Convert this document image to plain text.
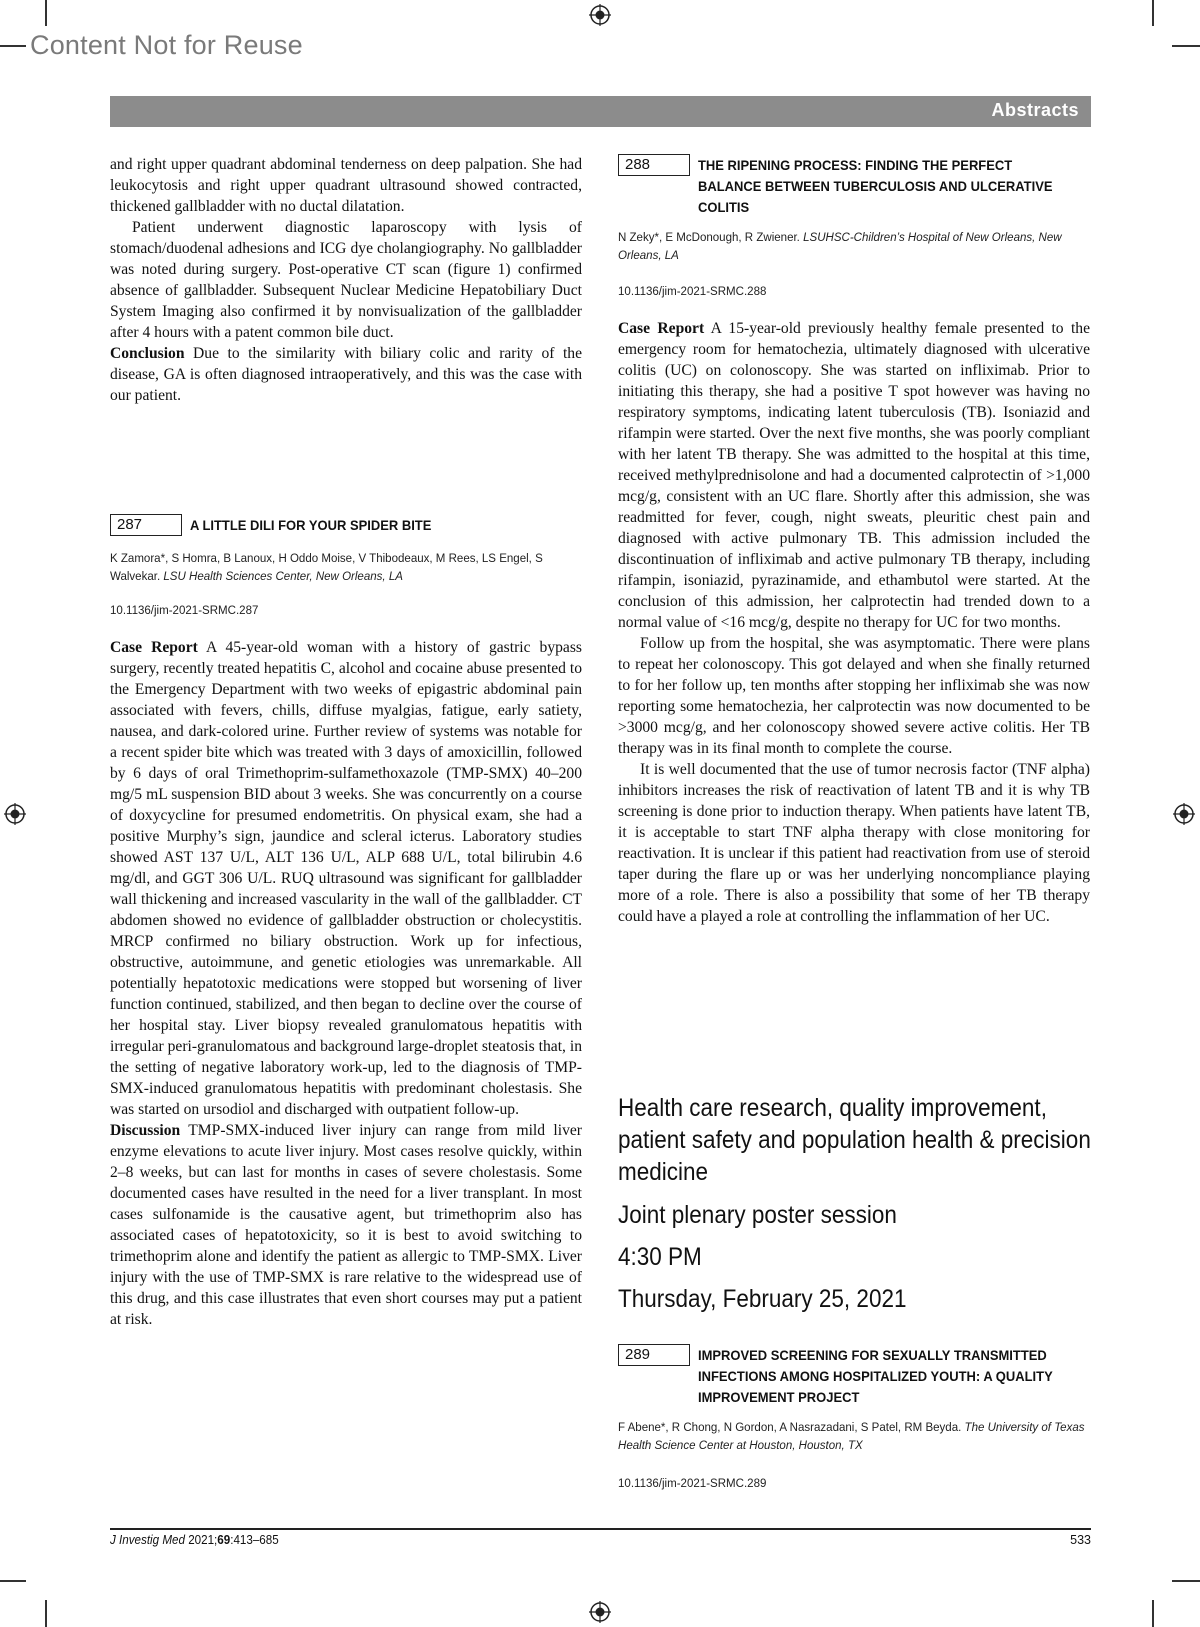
Content Not for Reuse
Abstracts

and right upper quadrant abdominal tenderness on deep palpation. She had leukocytosis and right upper quadrant ultrasound showed contracted, thickened gallbladder with no ductal dilatation.

Patient underwent diagnostic laparoscopy with lysis of stomach/duodenal adhesions and ICG dye cholangiography. No gallbladder was noted during surgery. Post-operative CT scan (figure 1) confirmed absence of gallbladder. Subsequent Nuclear Medicine Hepatobiliary Duct System Imaging also confirmed it by nonvisualization of the gallbladder after 4 hours with a patent common bile duct.

Conclusion Due to the similarity with biliary colic and rarity of the disease, GA is often diagnosed intraoperatively, and this was the case with our patient.

287	A LITTLE DILI FOR YOUR SPIDER BITE
K Zamora*, S Homra, B Lanoux, H Oddo Moise, V Thibodeaux, M Rees, LS Engel, S Walvekar. LSU Health Sciences Center, New Orleans, LA
10.1136/jim-2021-SRMC.287

Case Report A 45-year-old woman with a history of gastric bypass surgery, recently treated hepatitis C, alcohol and cocaine abuse presented to the Emergency Department with two weeks of epigastric abdominal pain associated with fevers, chills, diffuse myalgias, fatigue, early satiety, nausea, and dark-colored urine. Further review of systems was notable for a recent spider bite which was treated with 3 days of amoxicillin, followed by 6 days of oral Trimethoprim-sulfamethoxazole (TMP-SMX) 40–200 mg/5 mL suspension BID about 3 weeks. She was concurrently on a course of doxycycline for presumed endometritis. On physical exam, she had a positive Murphy’s sign, jaundice and scleral icterus. Laboratory studies showed AST 137 U/L, ALT 136 U/L, ALP 688 U/L, total bilirubin 4.6 mg/dl, and GGT 306 U/L. RUQ ultrasound was significant for gallbladder wall thickening and increased vascularity in the wall of the gallbladder. CT abdomen showed no evidence of gallbladder obstruction or cholecystitis. MRCP confirmed no biliary obstruction. Work up for infectious, obstructive, autoimmune, and genetic etiologies was unremarkable. All potentially hepatotoxic medications were stopped but worsening of liver function continued, stabilized, and then began to decline over the course of her hospital stay. Liver biopsy revealed granulomatous hepatitis with irregular peri-granulomatous and background large-droplet steatosis that, in the setting of negative laboratory work-up, led to the diagnosis of TMP-SMX-induced granulomatous hepatitis with predominant cholestasis. She was started on ursodiol and discharged with outpatient follow-up.

Discussion TMP-SMX-induced liver injury can range from mild liver enzyme elevations to acute liver injury. Most cases resolve quickly, within 2–8 weeks, but can last for months in cases of severe cholestasis. Some documented cases have resulted in the need for a liver transplant. In most cases sulfonamide is the causative agent, but trimethoprim also has associated cases of hepatotoxicity, so it is best to avoid switching to trimethoprim alone and identify the patient as allergic to TMP-SMX. Liver injury with the use of TMP-SMX is rare relative to the widespread use of this drug, and this case illustrates that even short courses may put a patient at risk.

288	THE RIPENING PROCESS: FINDING THE PERFECT BALANCE BETWEEN TUBERCULOSIS AND ULCERATIVE COLITIS
N Zeky*, E McDonough, R Zwiener. LSUHSC-Children’s Hospital of New Orleans, New Orleans, LA
10.1136/jim-2021-SRMC.288

Case Report A 15-year-old previously healthy female presented to the emergency room for hematochezia, ultimately diagnosed with ulcerative colitis (UC) on colonoscopy. She was started on infliximab. Prior to initiating this therapy, she had a positive T spot however was having no respiratory symptoms, indicating latent tuberculosis (TB). Isoniazid and rifampin were started. Over the next five months, she was poorly compliant with her latent TB therapy. She was admitted to the hospital at this time, received methylprednisolone and had a documented calprotectin of >1,000 mcg/g, consistent with an UC flare. Shortly after this admission, she was readmitted for fever, cough, night sweats, pleuritic chest pain and diagnosed with active pulmonary TB. This admission included the discontinuation of infliximab and active pulmonary TB therapy, including rifampin, isoniazid, pyrazinamide, and ethambutol were started. At the conclusion of this admission, her calprotectin had trended down to a normal value of <16 mcg/g, despite no therapy for UC for two months.

Follow up from the hospital, she was asymptomatic. There were plans to repeat her colonoscopy. This got delayed and when she finally returned to for her follow up, ten months after stopping her infliximab she was now reporting some hematochezia, her calprotectin was now documented to be >3000 mcg/g, and her colonoscopy showed severe active colitis. Her TB therapy was in its final month to complete the course.

It is well documented that the use of tumor necrosis factor (TNF alpha) inhibitors increases the risk of reactivation of latent TB and it is why TB screening is done prior to induction therapy. When patients have latent TB, it is acceptable to start TNF alpha therapy with close monitoring for reactivation. It is unclear if this patient had reactivation from use of steroid taper during the flare up or was her underlying noncompliance playing more of a role. There is also a possibility that some of her TB therapy could have a played a role at controlling the inflammation of her UC.

Health care research, quality improvement, patient safety and population health & precision medicine
Joint plenary poster session
4:30 PM
Thursday, February 25, 2021
289	IMPROVED SCREENING FOR SEXUALLY TRANSMITTED INFECTIONS AMONG HOSPITALIZED YOUTH: A QUALITY IMPROVEMENT PROJECT
F Abene*, R Chong, N Gordon, A Nasrazadani, S Patel, RM Beyda. The University of Texas Health Science Center at Houston, Houston, TX
10.1136/jim-2021-SRMC.289
J Investig Med 2021;69:413–685	533
